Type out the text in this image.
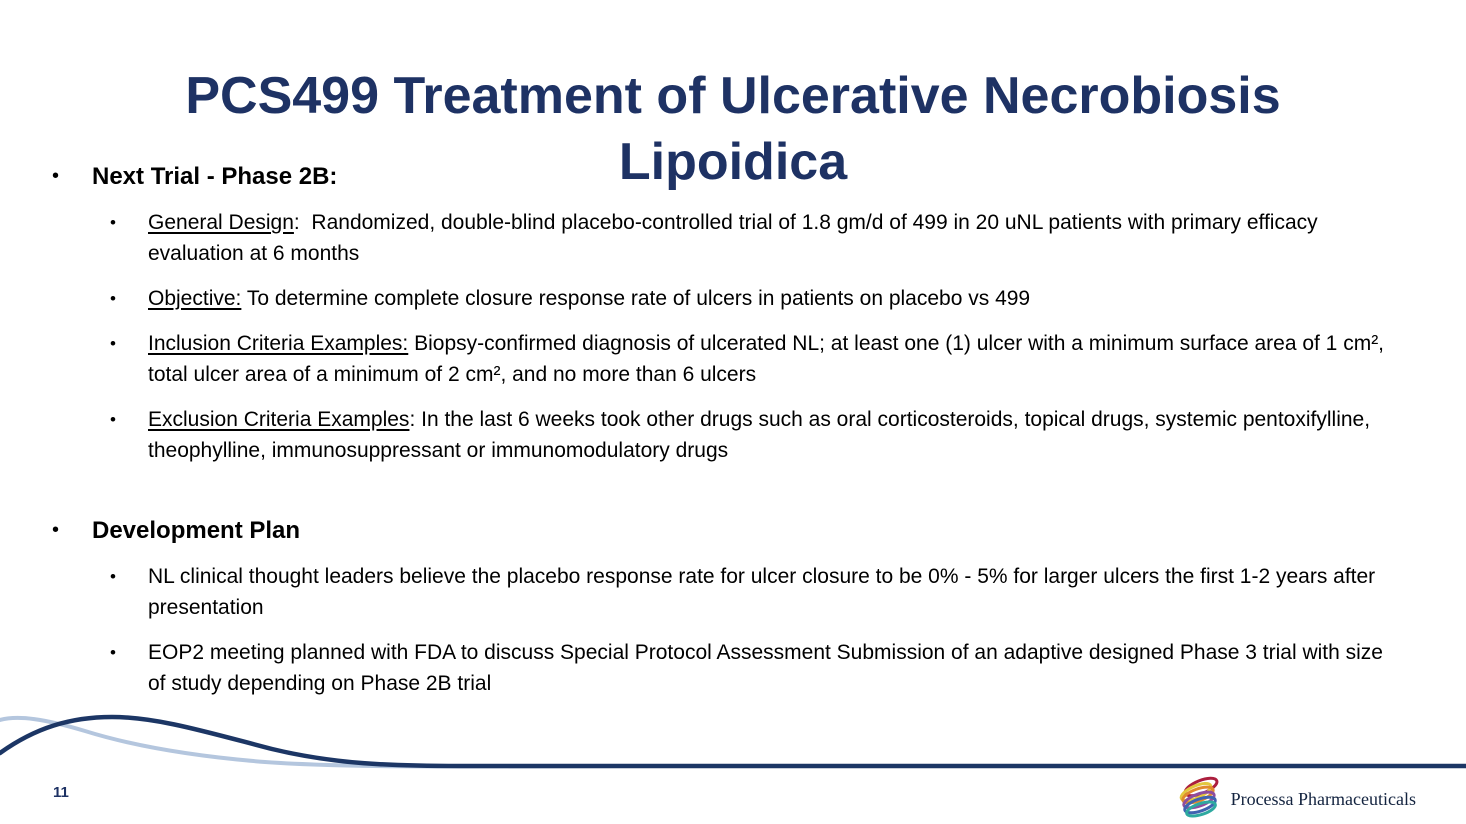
PCS499 Treatment of Ulcerative Necrobiosis
Lipoidica
•	Next Trial - Phase 2B:
•	General Design:  Randomized, double-blind placebo-controlled trial of 1.8 gm/d of 499 in 20 uNL patients with primary efficacy evaluation at 6 months

•	Objective: To determine complete closure response rate of ulcers in patients on placebo vs 499

•	Inclusion Criteria Examples: Biopsy-confirmed diagnosis of ulcerated NL; at least one (1) ulcer with a minimum surface area of 1 cm², total ulcer area of a minimum of 2 cm², and no more than 6 ulcers

•	Exclusion Criteria Examples: In the last 6 weeks took other drugs such as oral corticosteroids, topical drugs, systemic pentoxifylline, theophylline, immunosuppressant or immunomodulatory drugs

•	Development Plan
•	NL clinical thought leaders believe the placebo response rate for ulcer closure to be 0% - 5% for larger ulcers the first 1-2 years after presentation

•	EOP2 meeting planned with FDA to discuss Special Protocol Assessment Submission of an adaptive designed Phase 3 trial with size of study depending on Phase 2B trial

11	Processa Pharmaceuticals
